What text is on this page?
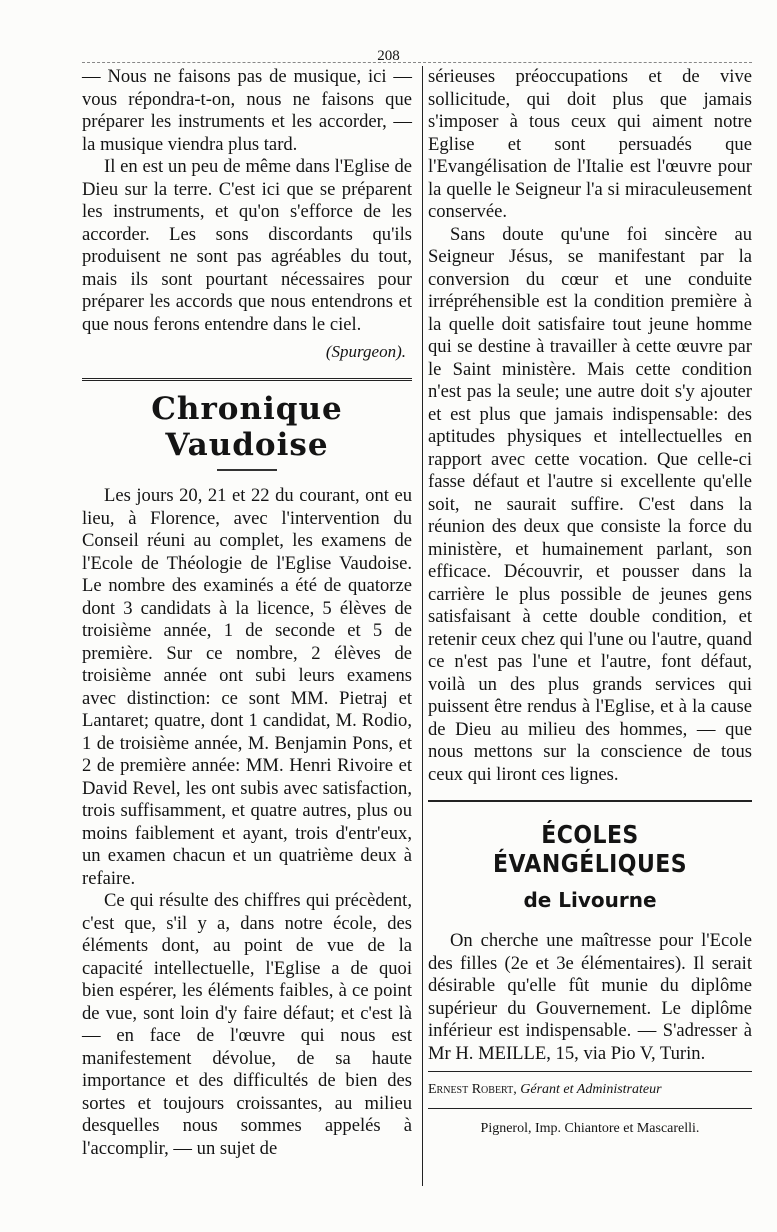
208

— Nous ne faisons pas de musique, ici — vous répondra-t-on, nous ne faisons que préparer les instruments et les accorder, — la musique viendra plus tard.

Il en est un peu de même dans l'Eglise de Dieu sur la terre. C'est ici que se préparent les instruments, et qu'on s'efforce de les accorder. Les sons discordants qu'ils produisent ne sont pas agréables du tout, mais ils sont pourtant nécessaires pour préparer les accords que nous entendrons et que nous ferons entendre dans le ciel.

(Spurgeon).
Chronique Vaudoise

Les jours 20, 21 et 22 du courant, ont eu lieu, à Florence, avec l'intervention du Conseil réuni au complet, les examens de l'Ecole de Théologie de l'Eglise Vaudoise. Le nombre des examinés a été de quatorze dont 3 candidats à la licence, 5 élèves de troisième année, 1 de seconde et 5 de première. Sur ce nombre, 2 élèves de troisième année ont subi leurs examens avec distinction: ce sont MM. Pietraj et Lantaret; quatre, dont 1 candidat, M. Rodio, 1 de troisième année, M. Benjamin Pons, et 2 de première année: MM. Henri Rivoire et David Revel, les ont subis avec satisfaction, trois suffisamment, et quatre autres, plus ou moins faiblement et ayant, trois d'entr'eux, un examen chacun et un quatrième deux à refaire.

Ce qui résulte des chiffres qui précèdent, c'est que, s'il y a, dans notre école, des éléments dont, au point de vue de la capacité intellectuelle, l'Eglise a de quoi bien espérer, les éléments faibles, à ce point de vue, sont loin d'y faire défaut; et c'est là — en face de l'œuvre qui nous est manifestement dévolue, de sa haute importance et des difficultés de bien des sortes et toujours croissantes, au milieu desquelles nous sommes appelés à l'accomplir, — un sujet de

sérieuses préoccupations et de vive sollicitude, qui doit plus que jamais s'imposer à tous ceux qui aiment notre Eglise et sont persuadés que l'Evangélisation de l'Italie est l'œuvre pour la quelle le Seigneur l'a si miraculeusement conservée.

Sans doute qu'une foi sincère au Seigneur Jésus, se manifestant par la conversion du cœur et une conduite irrépréhensible est la condition première à la quelle doit satisfaire tout jeune homme qui se destine à travailler à cette œuvre par le Saint ministère. Mais cette condition n'est pas la seule; une autre doit s'y ajouter et est plus que jamais indispensable: des aptitudes physiques et intellectuelles en rapport avec cette vocation. Que celle-ci fasse défaut et l'autre si excellente qu'elle soit, ne saurait suffire. C'est dans la réunion des deux que consiste la force du ministère, et humainement parlant, son efficace. Découvrir, et pousser dans la carrière le plus possible de jeunes gens satisfaisant à cette double condition, et retenir ceux chez qui l'une ou l'autre, quand ce n'est pas l'une et l'autre, font défaut, voilà un des plus grands services qui puissent être rendus à l'Eglise, et à la cause de Dieu au milieu des hommes, — que nous mettons sur la conscience de tous ceux qui liront ces lignes.

ÉCOLES ÉVANGÉLIQUES
de Livourne

On cherche une maîtresse pour l'Ecole des filles (2e et 3e élémentaires). Il serait désirable qu'elle fût munie du diplôme supérieur du Gouvernement. Le diplôme inférieur est indispensable. — S'adresser à Mr H. MEILLE, 15, via Pio V, Turin.

Ernest Robert, Gérant et Administrateur
Pignerol, Imp. Chiantore et Mascarelli.
